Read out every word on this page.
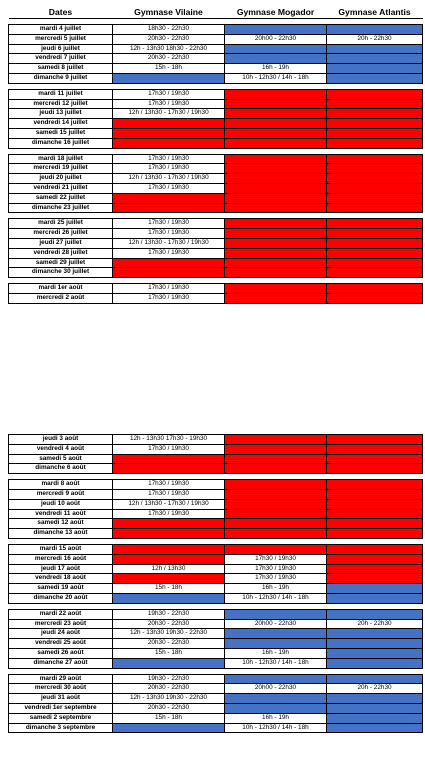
Dates	Gymnase Vilaine	Gymnase Mogador	Gymnase Atlantis

mardi 4 juillet	18h30 - 22h30		
mercredi 5 juillet	20h30 - 22h30	20h00 - 22h30	20h - 22h30
jeudi 6 juillet	12h - 13h30 18h30 - 22h30		
vendredi 7 juillet	20h30 - 22h30		
samedi 8 juillet	15h - 18h	16h - 19h	
dimanche 9 juillet		10h - 12h30 / 14h - 18h	

mardi 11 juillet	17h30 / 19h30		
mercredi 12 juillet	17h30 / 19h30		
jeudi 13 juillet	12h / 13h30 - 17h30 / 19h30		
vendredi 14 juillet			
samedi 15 juillet			
dimanche 16 juillet			

mardi 18 juillet	17h30 / 19h30		
mercredi 19 juillet	17h30 / 19h30		
jeudi 20 juillet	12h / 13h30 - 17h30 / 19h30		
vendredi 21 juillet	17h30 / 19h30		
samedi 22 juillet			
dimanche 23 juillet			

mardi 25 juillet	17h30 / 19h30		
mercredi 26 juillet	17h30 / 19h30		
jeudi 27 juillet	12h / 13h30 - 17h30 / 19h30		
vendredi 28 juillet	17h30 / 19h30		
samedi 29 juillet			
dimanche 30 juillet			

mardi 1er août	17h30 / 19h30		
mercredi 2 août	17h30 / 19h30		
jeudi 3 août	12h - 13h30 17h30 - 19h30		
vendredi 4 août	17h30 / 19h30		
samedi 5 août			
dimanche 6 août			

mardi 8 août	17h30 / 19h30		
mercredi 9 août	17h30 / 19h30		
jeudi 10 août	12h / 13h30 - 17h30 / 19h30		
vendredi 11 août	17h30 / 19h30		
samedi 12 août			
dimanche 13 août			

mardi 15 août			
mercredi 16 août		17h30 / 19h30	
jeudi 17 août	12h / 13h30	17h30 / 19h30	
vendredi 18 août		17h30 / 19h30	
samedi 19 août	15h - 18h	16h - 19h	
dimanche 20 août		10h - 12h30 / 14h - 18h	

mardi 22 août	19h30 - 22h30		
mercredi 23 août	20h30 - 22h30	20h00 - 22h30	20h - 22h30
jeudi 24 août	12h - 13h30 19h30 - 22h30		
vendredi 25 août	20h30 - 22h30		
samedi 26 août	15h - 18h	16h - 19h	
dimanche 27 août		10h - 12h30 / 14h - 18h	

mardi 29 août	19h30 - 22h30		
mercredi 30 août	20h30 - 22h30	20h00 - 22h30	20h - 22h30
jeudi 31 août	12h - 13h30 19h30 - 22h30		
vendredi 1er septembre	20h30 - 22h30		
samedi 2 septembre	15h - 18h	16h - 19h	
dimanche 3 septembre		10h - 12h30 / 14h - 18h	
